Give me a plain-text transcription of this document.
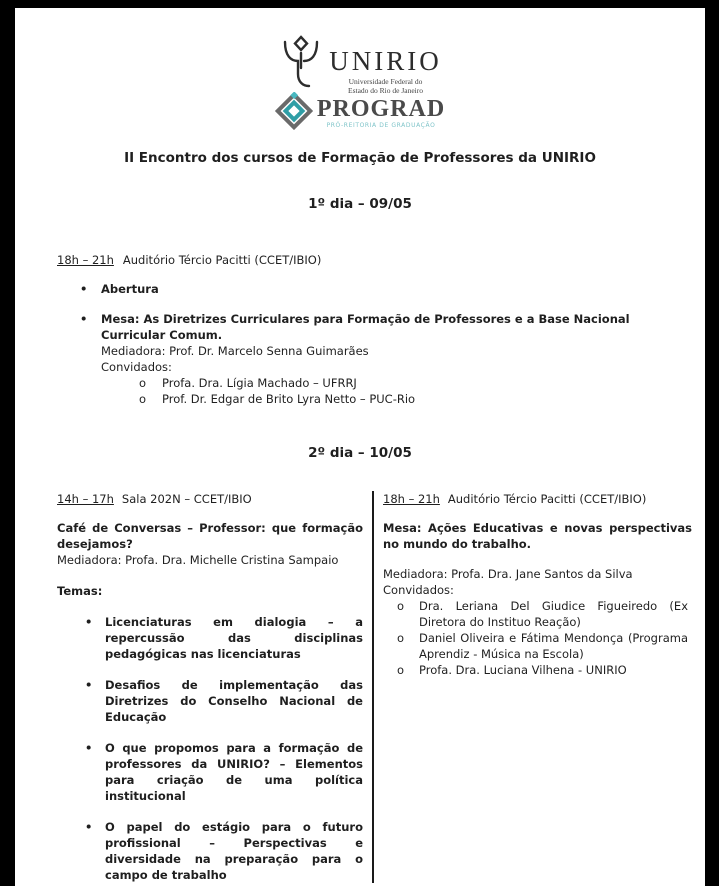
UNIRIO
Universidade Federal do
Estado do Rio de Janeiro
PROGRAD
PRÓ-REITORIA DE GRADUAÇÃO
II Encontro dos cursos de Formação de Professores da UNIRIO
1º dia – 09/05
18h – 21h Auditório Tércio Pacitti (CCET/IBIO)
• Abertura
• Mesa: As Diretrizes Curriculares para Formação de Professores e a Base Nacional Curricular Comum.
Mediadora: Prof. Dr. Marcelo Senna Guimarães
Convidados:
o Profa. Dra. Lígia Machado – UFRRJ
o Prof. Dr. Edgar de Brito Lyra Netto – PUC-Rio
2º dia – 10/05
14h – 17h Sala 202N – CCET/IBIO
Café de Conversas – Professor: que formação desejamos?
Mediadora: Profa. Dra. Michelle Cristina Sampaio
Temas:
• Licenciaturas em dialogia – a repercussão das disciplinas pedagógicas nas licenciaturas
• Desafios de implementação das Diretrizes do Conselho Nacional de Educação
• O que propomos para a formação de professores da UNIRIO? – Elementos para criação de uma política institucional
• O papel do estágio para o futuro profissional – Perspectivas e diversidade na preparação para o campo de trabalho
18h – 21h Auditório Tércio Pacitti (CCET/IBIO)
Mesa: Ações Educativas e novas perspectivas no mundo do trabalho.
Mediadora: Profa. Dra. Jane Santos da Silva
Convidados:
o Dra. Leriana Del Giudice Figueiredo (Ex Diretora do Instituo Reação)
o Daniel Oliveira e Fátima Mendonça (Programa Aprendiz - Música na Escola)
o Profa. Dra. Luciana Vilhena - UNIRIO
